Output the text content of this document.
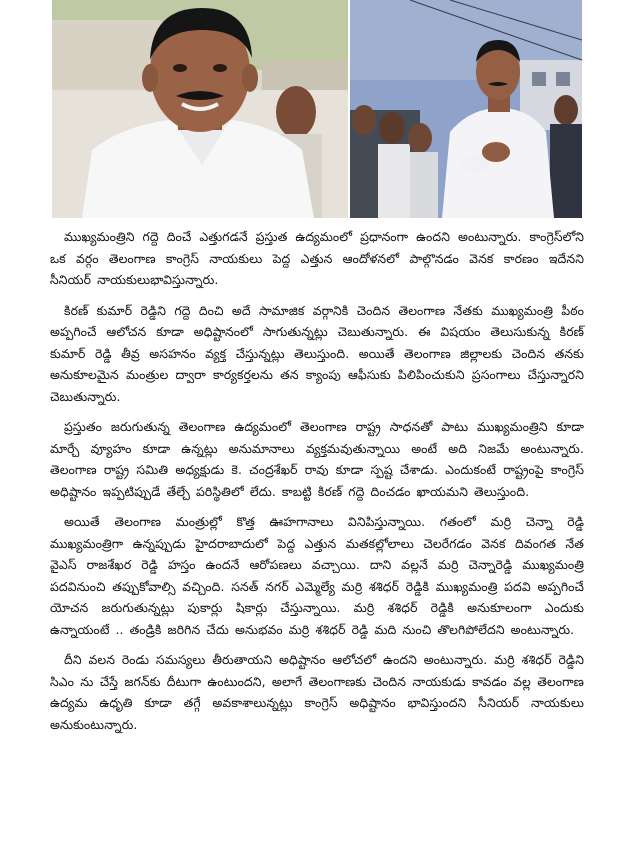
ముఖ్యమంత్రిని గద్దె దించే ఎత్తుగడనే ప్రస్తుత ఉద్యమంలో ప్రధానంగా ఉందని అంటున్నారు. కాంగ్రెస్‌లోని ఒక వర్గం తెలంగాణ కాంగ్రెస్ నాయకులు పెద్ద ఎత్తున ఆందోళనలో పాల్గొనడం వెనక కారణం ఇదేనని సీనియర్ నాయకులుభావిస్తున్నారు.

కిరణ్ కుమార్ రెడ్డిని గద్దె దించి అదే సామాజిక వర్గానికి చెందిన తెలంగాణ నేతకు ముఖ్యమంత్రి పీఠం అప్పగించే ఆలోచన కూడా అధిష్టానంలో సాగుతున్నట్లు చెబుతున్నారు. ఈ విషయం తెలుసుకున్న కిరణ్ కుమార్ రెడ్డి తీవ్ర అసహనం వ్యక్త చేస్తున్నట్లు తెలుస్తుంది. అయితే తెలంగాణ జిల్లాలకు చెందిన తనకు అనుకూలమైన మంత్రుల ద్వారా కార్యకర్తలను తన క్యాంపు ఆఫీసుకు పిలిపించుకుని ప్రసంగాలు చేస్తున్నారని చెబుతున్నారు.

ప్రస్తుతం జరుగుతున్న తెలంగాణ ఉద్యమంలో తెలంగాణ రాష్ట్ర సాధనతో పాటు ముఖ్యమంత్రిని కూడా మార్చే వ్యూహం కూడా ఉన్నట్లు అనుమానాలు వ్యక్తమవుతున్నాయి అంటే అది నిజమే అంటున్నారు. తెలంగాణ రాష్ట్ర సమితి అధ్యక్షుడు కె. చంద్రశేఖర్ రావు కూడా స్పష్ట చేశాడు. ఎందుకంటే రాష్ట్రంపై కాంగ్రెస్ అధిష్టానం ఇప్పటిప్పుడే తేల్చే పరిస్థితిలో లేదు. కాబట్టి కిరణ్ గద్దె దించడం ఖాయమని తెలుస్తుంది.

అయితే తెలంగాణ మంత్రుల్లో కొత్త ఊహగానాలు వినిపిస్తున్నాయి. గతంలో మర్రి చెన్నా రెడ్డి ముఖ్యమంత్రిగా ఉన్నప్పుడు హైదరాబాదులో పెద్ద ఎత్తున మతకల్లోలాలు చెలరేగడం వెనక దివంగత నేత వైఎస్ రాజశేఖర రెడ్డి హస్తం ఉందనే ఆరోపణలు వచ్చాయి. దాని వల్లనే మర్రి చెన్నారెడ్డి ముఖ్యమంత్రి పదవినుంచి తప్పుకోవాల్సి వచ్చింది. సనత్ నగర్ ఎమ్మెల్యే మర్రి శశిధర్ రెడ్డికి ముఖ్యమంత్రి పదవి అప్పగించే యోచన జరుగుతున్నట్లు పుకార్లు షికార్లు చేస్తున్నాయి. మర్రి శశిధర్ రెడ్డికి అనుకూలంగా ఎందుకు ఉన్నాయంటే .. తండ్రికి జరిగిన చేదు అనుభవం మర్రి శశిధర్ రెడ్డి మది నుంచి తొలగిపోలేదని అంటున్నారు.

దీని వలన రెండు సమస్యలు తీరుతాయని అధిష్టానం ఆలోచలో ఉందని అంటున్నారు. మర్రి శశిధర్ రెడ్డిని సిఎం ను చేస్తే జగన్‌కు దీటుగా ఉంటుందని, అలాగే తెలంగాణకు చెందిన నాయకుడు కావడం వల్ల తెలంగాణ ఉద్యమ ఉధృతి కూడా తగ్గే అవకాశాలున్నట్లు కాంగ్రెస్ అధిష్టానం భావిస్తుందని సీనియర్ నాయకులు అనుకుంటున్నారు.
